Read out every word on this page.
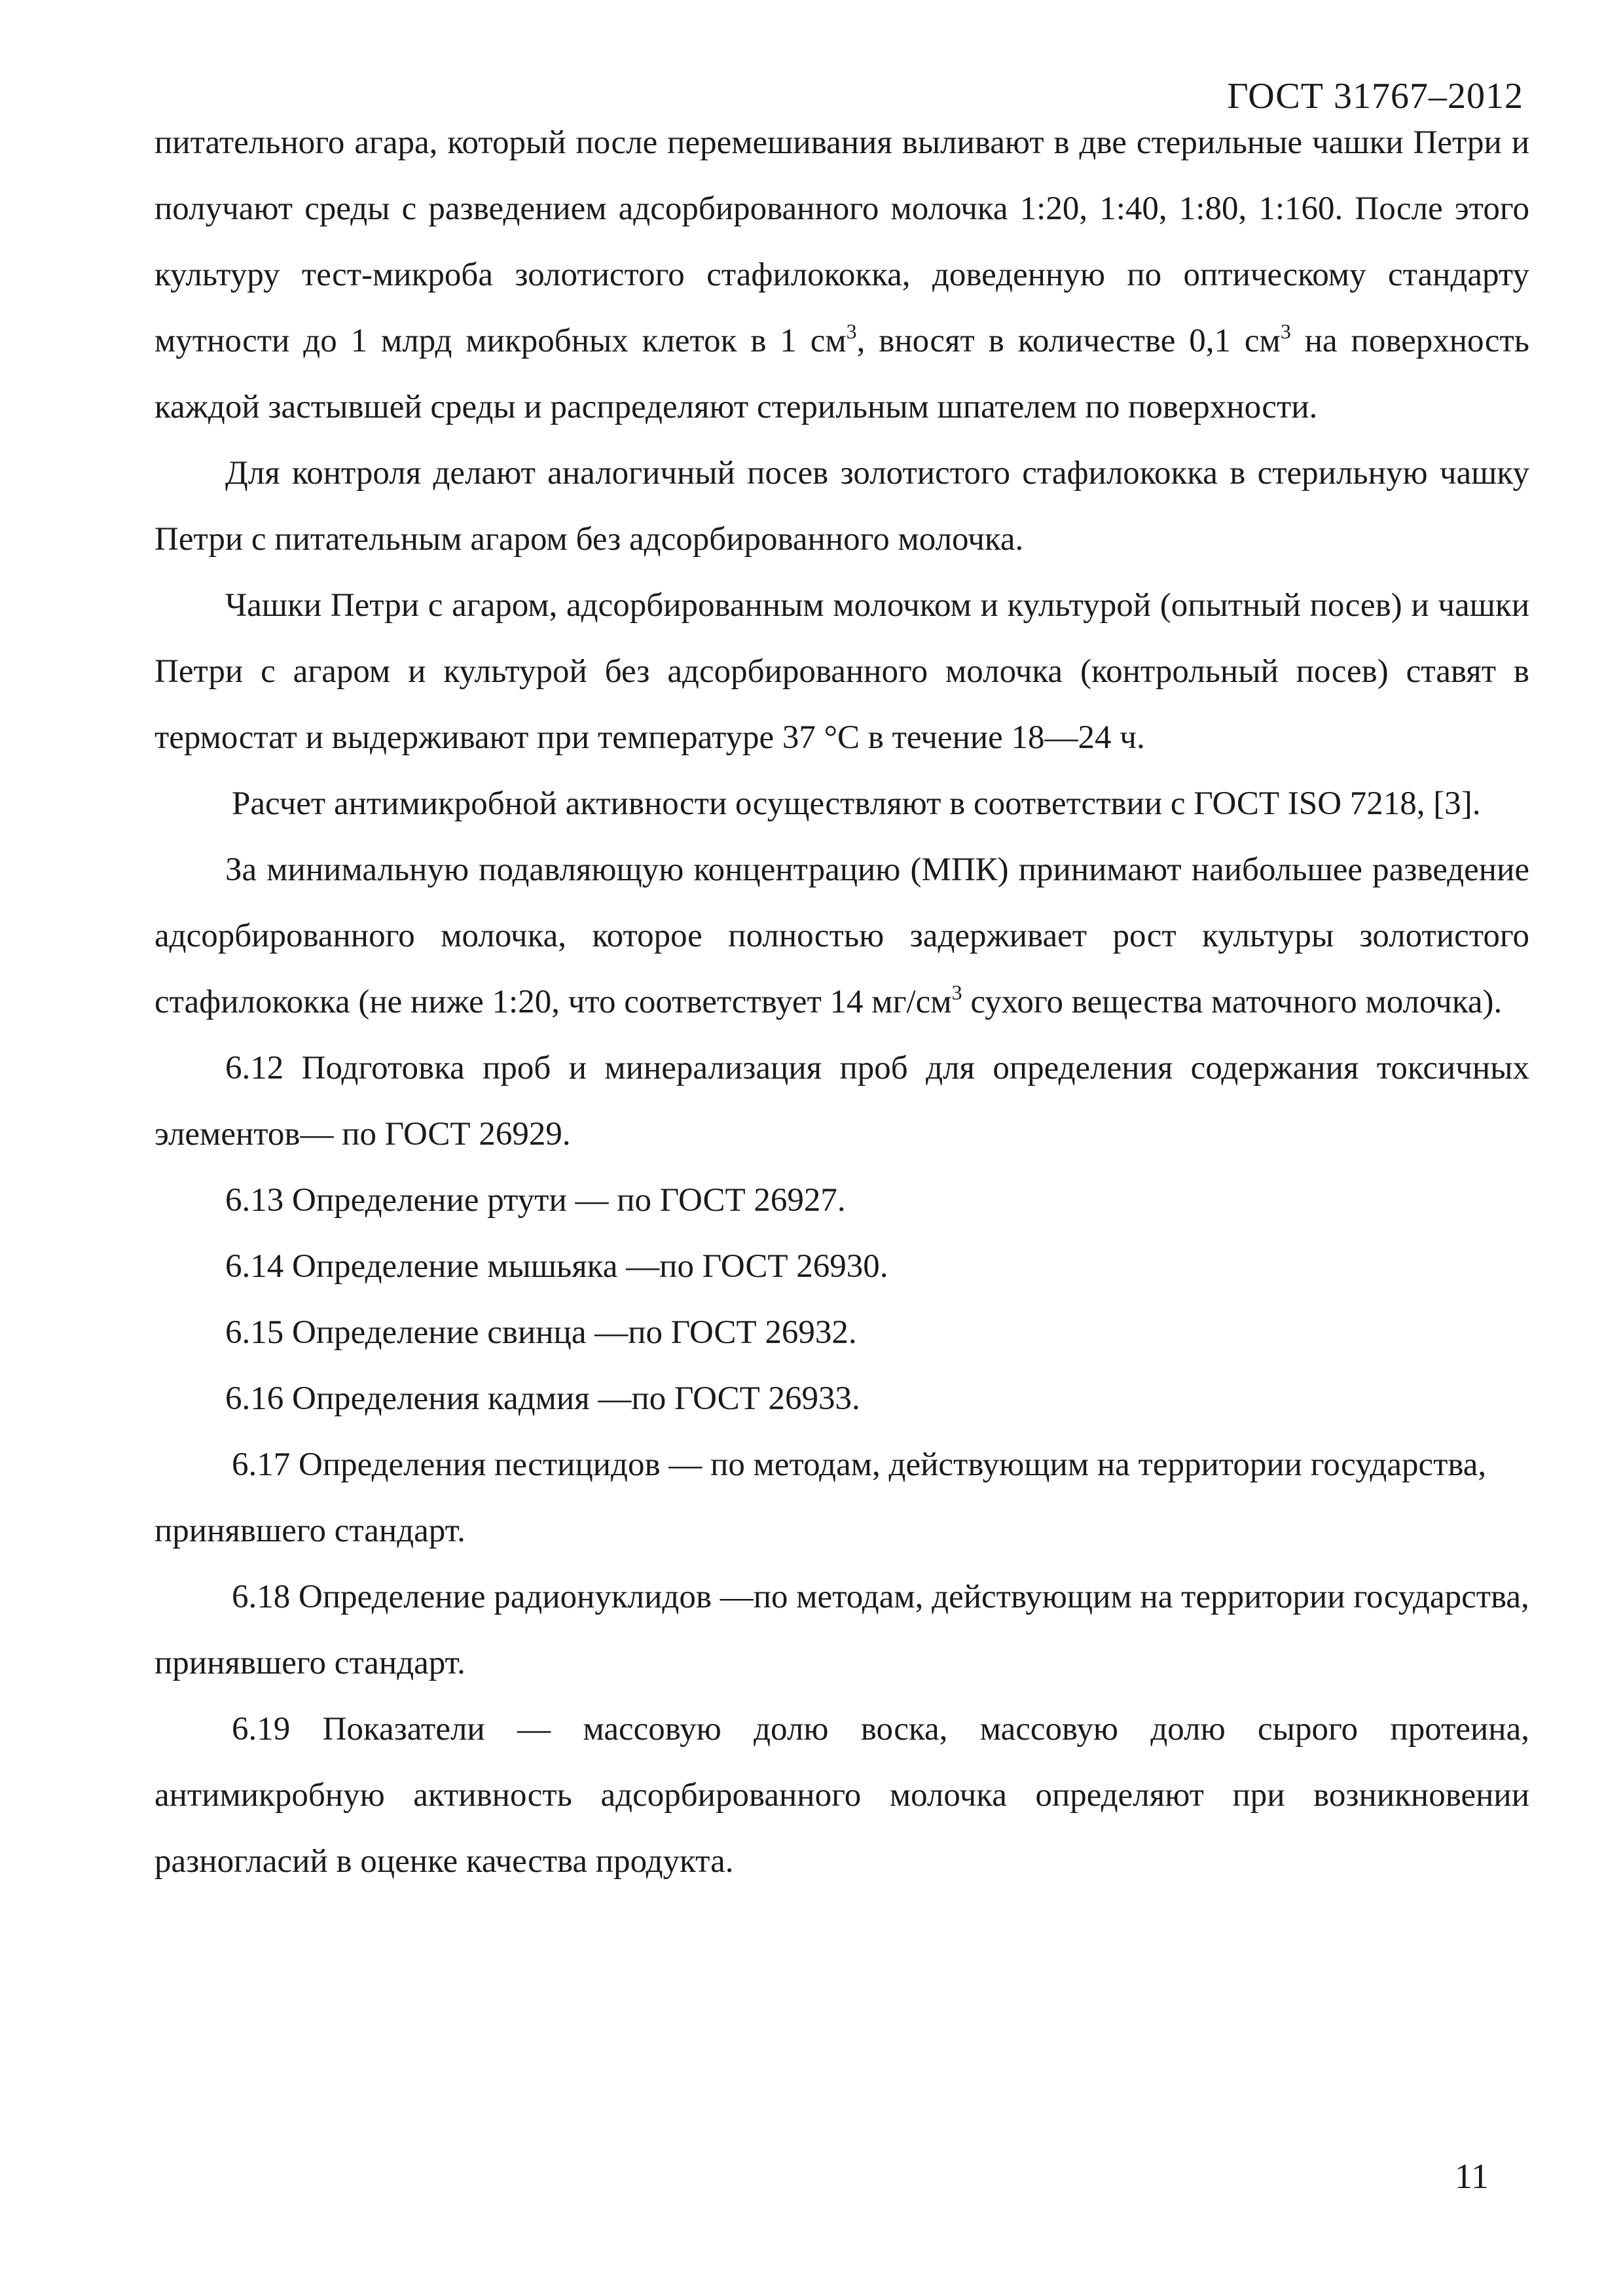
ГОСТ 31767–2012

питательного агара, который после перемешивания выливают в две стерильные чашки Петри и получают среды с разведением адсорбированного молочка 1:20, 1:40, 1:80, 1:160. После этого культуру тест-микроба золотистого стафилококка, доведенную по оптическому стандарту мутности до 1 млрд микробных клеток в 1 $см^3$, вносят в количестве 0,1 $см^3$ на поверхность каждой застывшей среды и распределяют стерильным шпателем по поверхности.

Для контроля делают аналогичный посев золотистого стафилококка в стерильную чашку Петри с питательным агаром без адсорбированного молочка.

Чашки Петри с агаром, адсорбированным молочком и культурой (опытный посев) и чашки Петри с агаром и культурой без адсорбированного молочка (контрольный посев) ставят в термостат и выдерживают при температуре 37 °С в течение 18—24 ч.

Расчет антимикробной активности осуществляют в соответствии с ГОСТ ISO 7218, [3].

За минимальную подавляющую концентрацию (МПК) принимают наибольшее разведение адсорбированного молочка, которое полностью задерживает рост культуры золотистого стафилококка (не ниже 1:20, что соответствует 14 $мг/см^3$ сухого вещества маточного молочка).

6.12 Подготовка проб и минерализация проб для определения содержания токсичных элементов— по ГОСТ 26929.

6.13 Определение ртути — по ГОСТ 26927.

6.14 Определение мышьяка —по ГОСТ 26930.

6.15 Определение свинца —по ГОСТ 26932.

6.16 Определения кадмия —по ГОСТ 26933.

6.17 Определения пестицидов — по методам, действующим на территории государства, принявшего стандарт.

6.18 Определение радионуклидов —по методам, действующим на территории государства, принявшего стандарт.

6.19 Показатели — массовую долю воска, массовую долю сырого протеина, антимикробную активность адсорбированного молочка определяют при возникновении разногласий в оценке качества продукта.

11
